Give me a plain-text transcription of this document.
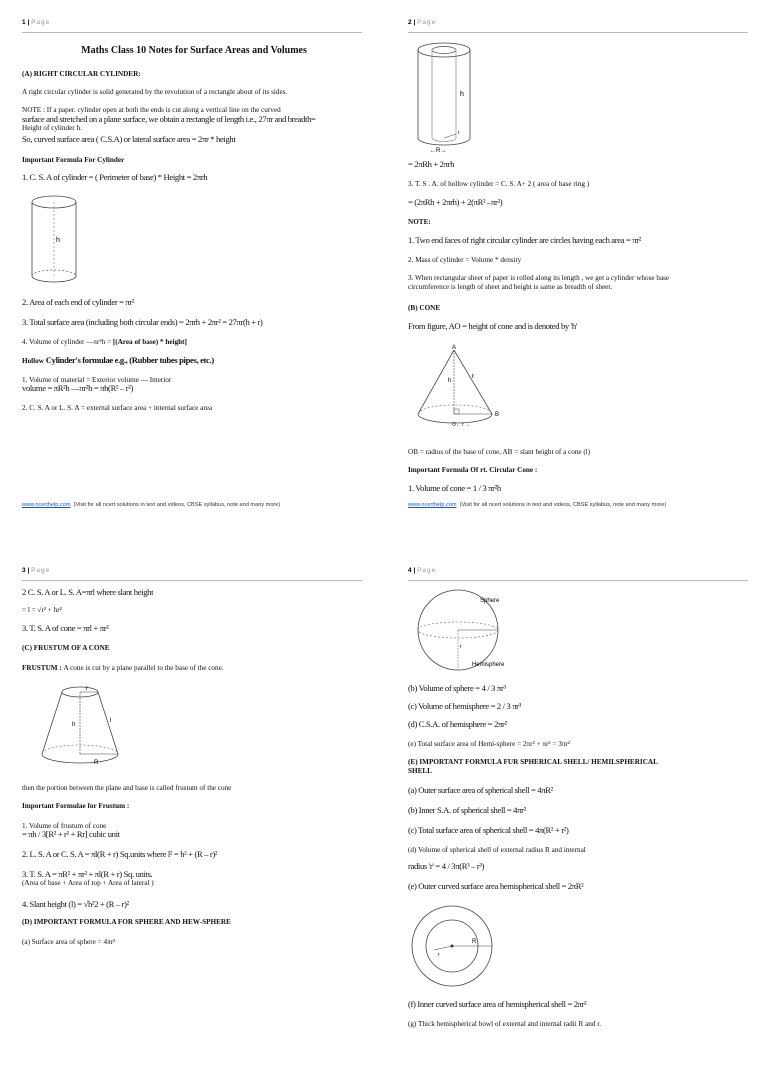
1 | Page
Maths Class 10 Notes for Surface Areas and Volumes
(A) RIGHT CIRCULAR CYLINDER:
A right circular cylinder is solid generated by the revolution of a rectangle about of its sides.
NOTE : If a paper. cylinder open at both the ends is cut along a vertical line on the curved
surface and stretched on a plane surface, we obtain a rectangle of length i.e., 27πr and breadth=
Height of cylinder h.
So, curved surface area ( C.S.A) or lateral surface area = 2πr * height
Important Formula For Cylinder
1. C. S. A of cylinder = ( Perimeter of base) * Height = 2πrh
h
2. Area of each end of cylinder = πr²
3. Total surface area (including both circular ends) = 2πrh + 2πr² = 27πr(h + r)
4. Volume of cylinder —πr²h = [(Area of base) * height]
Hollow Cylinder's formulae e.g., (Rubber tubes pipes, etc.)
1. Volume of material = Exterior volume — Interior
volume = πR²h —πr²h = πh(R² – r²)
2. C. S. A or L. S. A = external surface area + internal surface area
www.ncerthelp.com (Visit for all ncert solutions in text and videos, CBSE syllabus, note and many more)
2 | Page
h
r
←R→
= 2πRh + 2πrh
3. T. S . A. of hollow cylinder = C. S. A+ 2 ( area of base ring )
= (2πRh + 2πrh) + 2(πR² –πr²)
NOTE:
1. Two end faces of right circular cylinder are circles having each area = πr²
2. Mass of cylinder = Volume * density
3. When rectangular sheet of paper is rolled along its length , we get a cylinder whose base
circumference is length of sheet and height is same as breadth of sheet.
(B) CONE
From figure, AO = height of cone and is denoted by 'h'
A
B
h
ℓ
O← r →
OB = radius of the base of cone, AB = slant height of a cone (l)
Important Formula Of rt. Circular Cone :
1. Volume of cone = 1 / 3 πr²h
www.ncerthelp.com (Visit for all ncert solutions in text and videos, CBSE syllabus, note and many more)
3 | Page
2 C. S. A or L. S. A=πrl where slant height
= l = √r² + hr²
3. T. S. A of cone = πrl + πr²
(C) FRUSTUM OF A CONE
FRUSTUM : A cone is cut by a plane parallel to the base of the cone.
r
h
l
R
then the portion between the plane and base is called frustum of the cone
Important Formulae for Frustum :
1. Volume of frustum of cone
= πh / 3[R² + r² + Rr] cubic unit
2. L. S. A or C. S. A = πl(R + r) Sq.units where l² = h² + (R – r)²
3. T. S. A = πR² + πr² + πl(R + r) Sq. units.
(Area of base + Area of top + Area of lateral )
4. Slant height (l) = √h²2 + (R – r)²
(D) IMPORTANT FORMULA FOR SPHERE AND HEW-SPHERE
(a) Surface area of sphere = 4πr²
4 | Page
Sphere
Hemisphere
r
(b) Volume of sphere = 4 / 3 πr³
(c) Volume of hemisphere = 2 / 3 πr³
(d) C.S.A. of hemisphere = 2πr²
(e) Total surface area of Hemi-sphere = 2πr² + πr² = 3πr²
(E) IMPORTANT FORMULA FUR SPHERICAL SHELL/ HEMILSPHERICAL
SHELL
(a) Outer surface area of spherical shell = 4πR²
(b) Inner S.A. of spherical shell = 4πr²
(c) Total surface area of spherical shell = 4π(R² + r²)
(d) Volume of spherical shell of external radius R and internal
radius 'r' = 4 / 3π(R³ – r³)
(e) Outer curved surface area hemispherical shell = 2πR²
R
r
(f) Inner curved surface area of hemispherical shell = 2πr²
(g) Thick hemispherical bowl of external and internal radii R and r.
